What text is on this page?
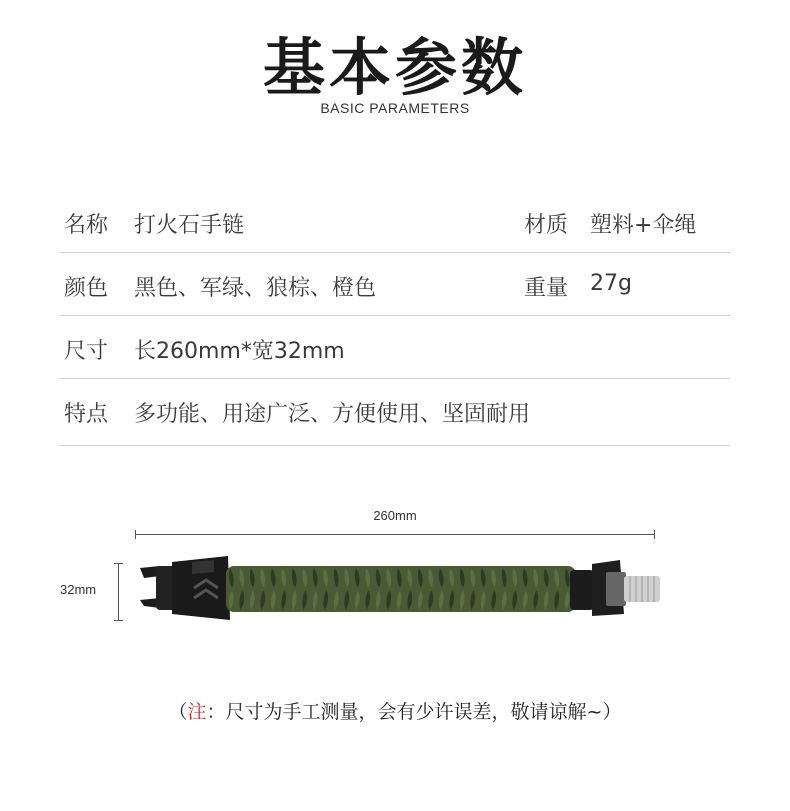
基本参数
BASIC PARAMETERS
名称 打火石手链	材质 塑料+伞绳
颜色 黑色、军绿、狼棕、橙色	重量 27g
尺寸 长260mm*宽32mm
特点 多功能、用途广泛、方便使用、坚固耐用
260mm
32mm
（注：尺寸为手工测量，会有少许误差，敬请谅解~）
